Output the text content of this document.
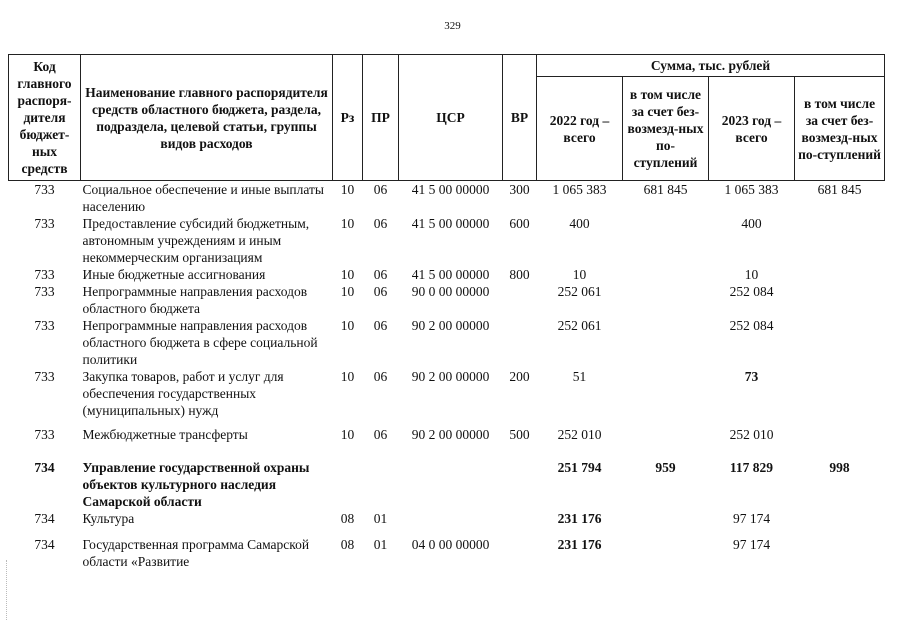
329
Код главного распоря-дителя бюджет-ных средств	Наименование главного распорядителя средств областного бюджета, раздела, подраздела, целевой статьи, группы видов расходов	Рз	ПР	ЦСР	ВР	Сумма, тыс. рублей			
						2022 год – всего	в том числе за счет без-возмезд-ных по-ступлений	2023 год – всего	в том числе за счет без-возмезд-ных по-ступлений
733	Социальное обеспечение и иные выплаты населению	10	06	41 5 00 00000	300	1 065 383	681 845	1 065 383	681 845
733	Предоставление субсидий бюджетным, автономным учреждениям и иным некоммерческим организациям	10	06	41 5 00 00000	600	400		400	
733	Иные бюджетные ассигнования	10	06	41 5 00 00000	800	10		10	
733	Непрограммные направления расходов областного бюджета	10	06	90 0 00 00000		252 061		252 084	
733	Непрограммные направления расходов областного бюджета в сфере социальной политики	10	06	90 2 00 00000		252 061		252 084	
733	Закупка товаров, работ и услуг для обеспечения государственных (муниципальных) нужд	10	06	90 2 00 00000	200	51		73	
733	Межбюджетные трансферты	10	06	90 2 00 00000	500	252 010		252 010	
734	Управление государственной охраны объектов культурного наследия Самарской области					251 794	959	117 829	998
734	Культура	08	01			231 176		97 174	
734	Государственная программа Самарской области «Развитие	08	01	04 0 00 00000		231 176		97 174	
